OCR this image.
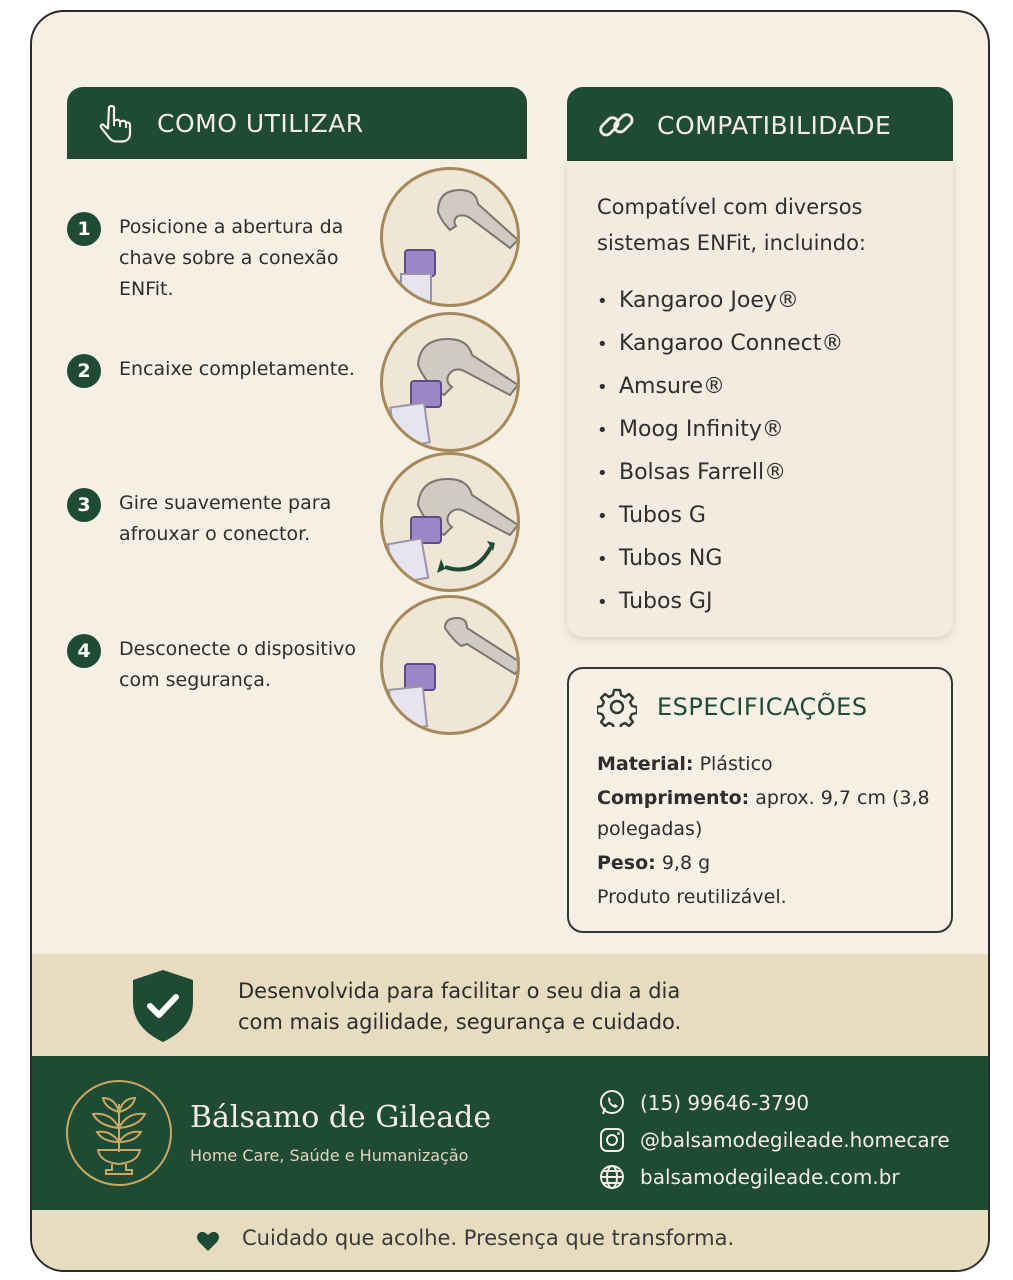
COMO UTILIZAR
1	Posicione a abertura da chave sobre a conexão ENFit.
2	Encaixe completamente.
3	Gire suavemente para afrouxar o conector.
4	Desconecte o dispositivo com segurança.
COMPATIBILIDADE
Compatível com diversos sistemas ENFit, incluindo:
• Kangaroo Joey®
• Kangaroo Connect®
• Amsure®
• Moog Infinity®
• Bolsas Farrell®
• Tubos G
• Tubos NG
• Tubos GJ
ESPECIFICAÇÕES

Material: Plástico

Comprimento: aprox. 9,7 cm (3,8 polegadas)

Peso: 9,8 g

Produto reutilizável.

Desenvolvida para facilitar o seu dia a dia
com mais agilidade, segurança e cuidado.
Bálsamo de Gileade
Home Care, Saúde e Humanização
(15) 99646-3790
@balsamodegileade.homecare
balsamodegileade.com.br
Cuidado que acolhe. Presença que transforma.
